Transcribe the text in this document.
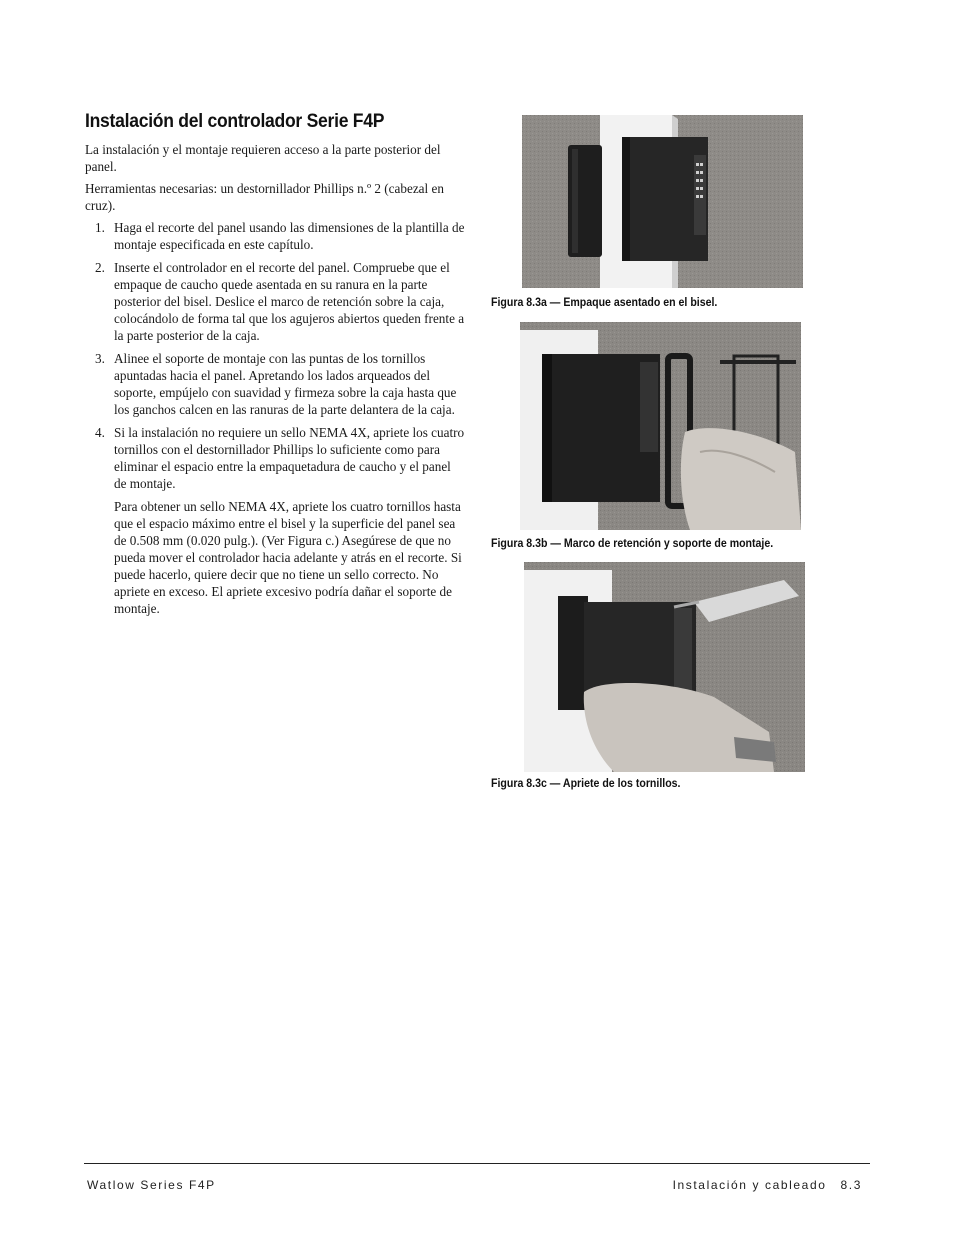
Instalación del controlador Serie F4P

La instalación y el montaje requieren acceso a la parte posterior del panel.

Herramientas necesarias: un destornillador Phillips n.º 2 (cabezal en cruz).

1. Haga el recorte del panel usando las dimensiones de la plantilla de montaje especificada en este capítulo.

2. Inserte el controlador en el recorte del panel. Compruebe que el empaque de caucho quede asentada en su ranura en la parte posterior del bisel. Deslice el marco de retención sobre la caja, colocándolo de forma tal que los agujeros abiertos queden frente a la parte posterior de la caja.

3. Alinee el soporte de montaje con las puntas de los tornillos apuntadas hacia el panel. Apretando los lados arqueados del soporte, empújelo con suavidad y firmeza sobre la caja hasta que los ganchos calcen en las ranuras de la parte delantera de la caja.

4. Si la instalación no requiere un sello NEMA 4X, apriete los cuatro tornillos con el destornillador Phillips lo suficiente como para eliminar el espacio entre la empaquetadura de caucho y el panel de montaje.

Para obtener un sello NEMA 4X, apriete los cuatro tornillos hasta que el espacio máximo entre el bisel y la superficie del panel sea de 0.508 mm (0.020 pulg.). (Ver Figura c.) Asegúrese de que no pueda mover el controlador hacia adelante y atrás en el recorte. Si puede hacerlo, quiere decir que no tiene un sello correcto. No apriete en exceso. El apriete excesivo podría dañar el soporte de montaje.

Figura 8.3a — Empaque asentado en el bisel.
Figura 8.3b — Marco de retención y soporte de montaje.
Figura 8.3c — Apriete de los tornillos.
Watlow Series F4P	Instalación y cableado 8.3
